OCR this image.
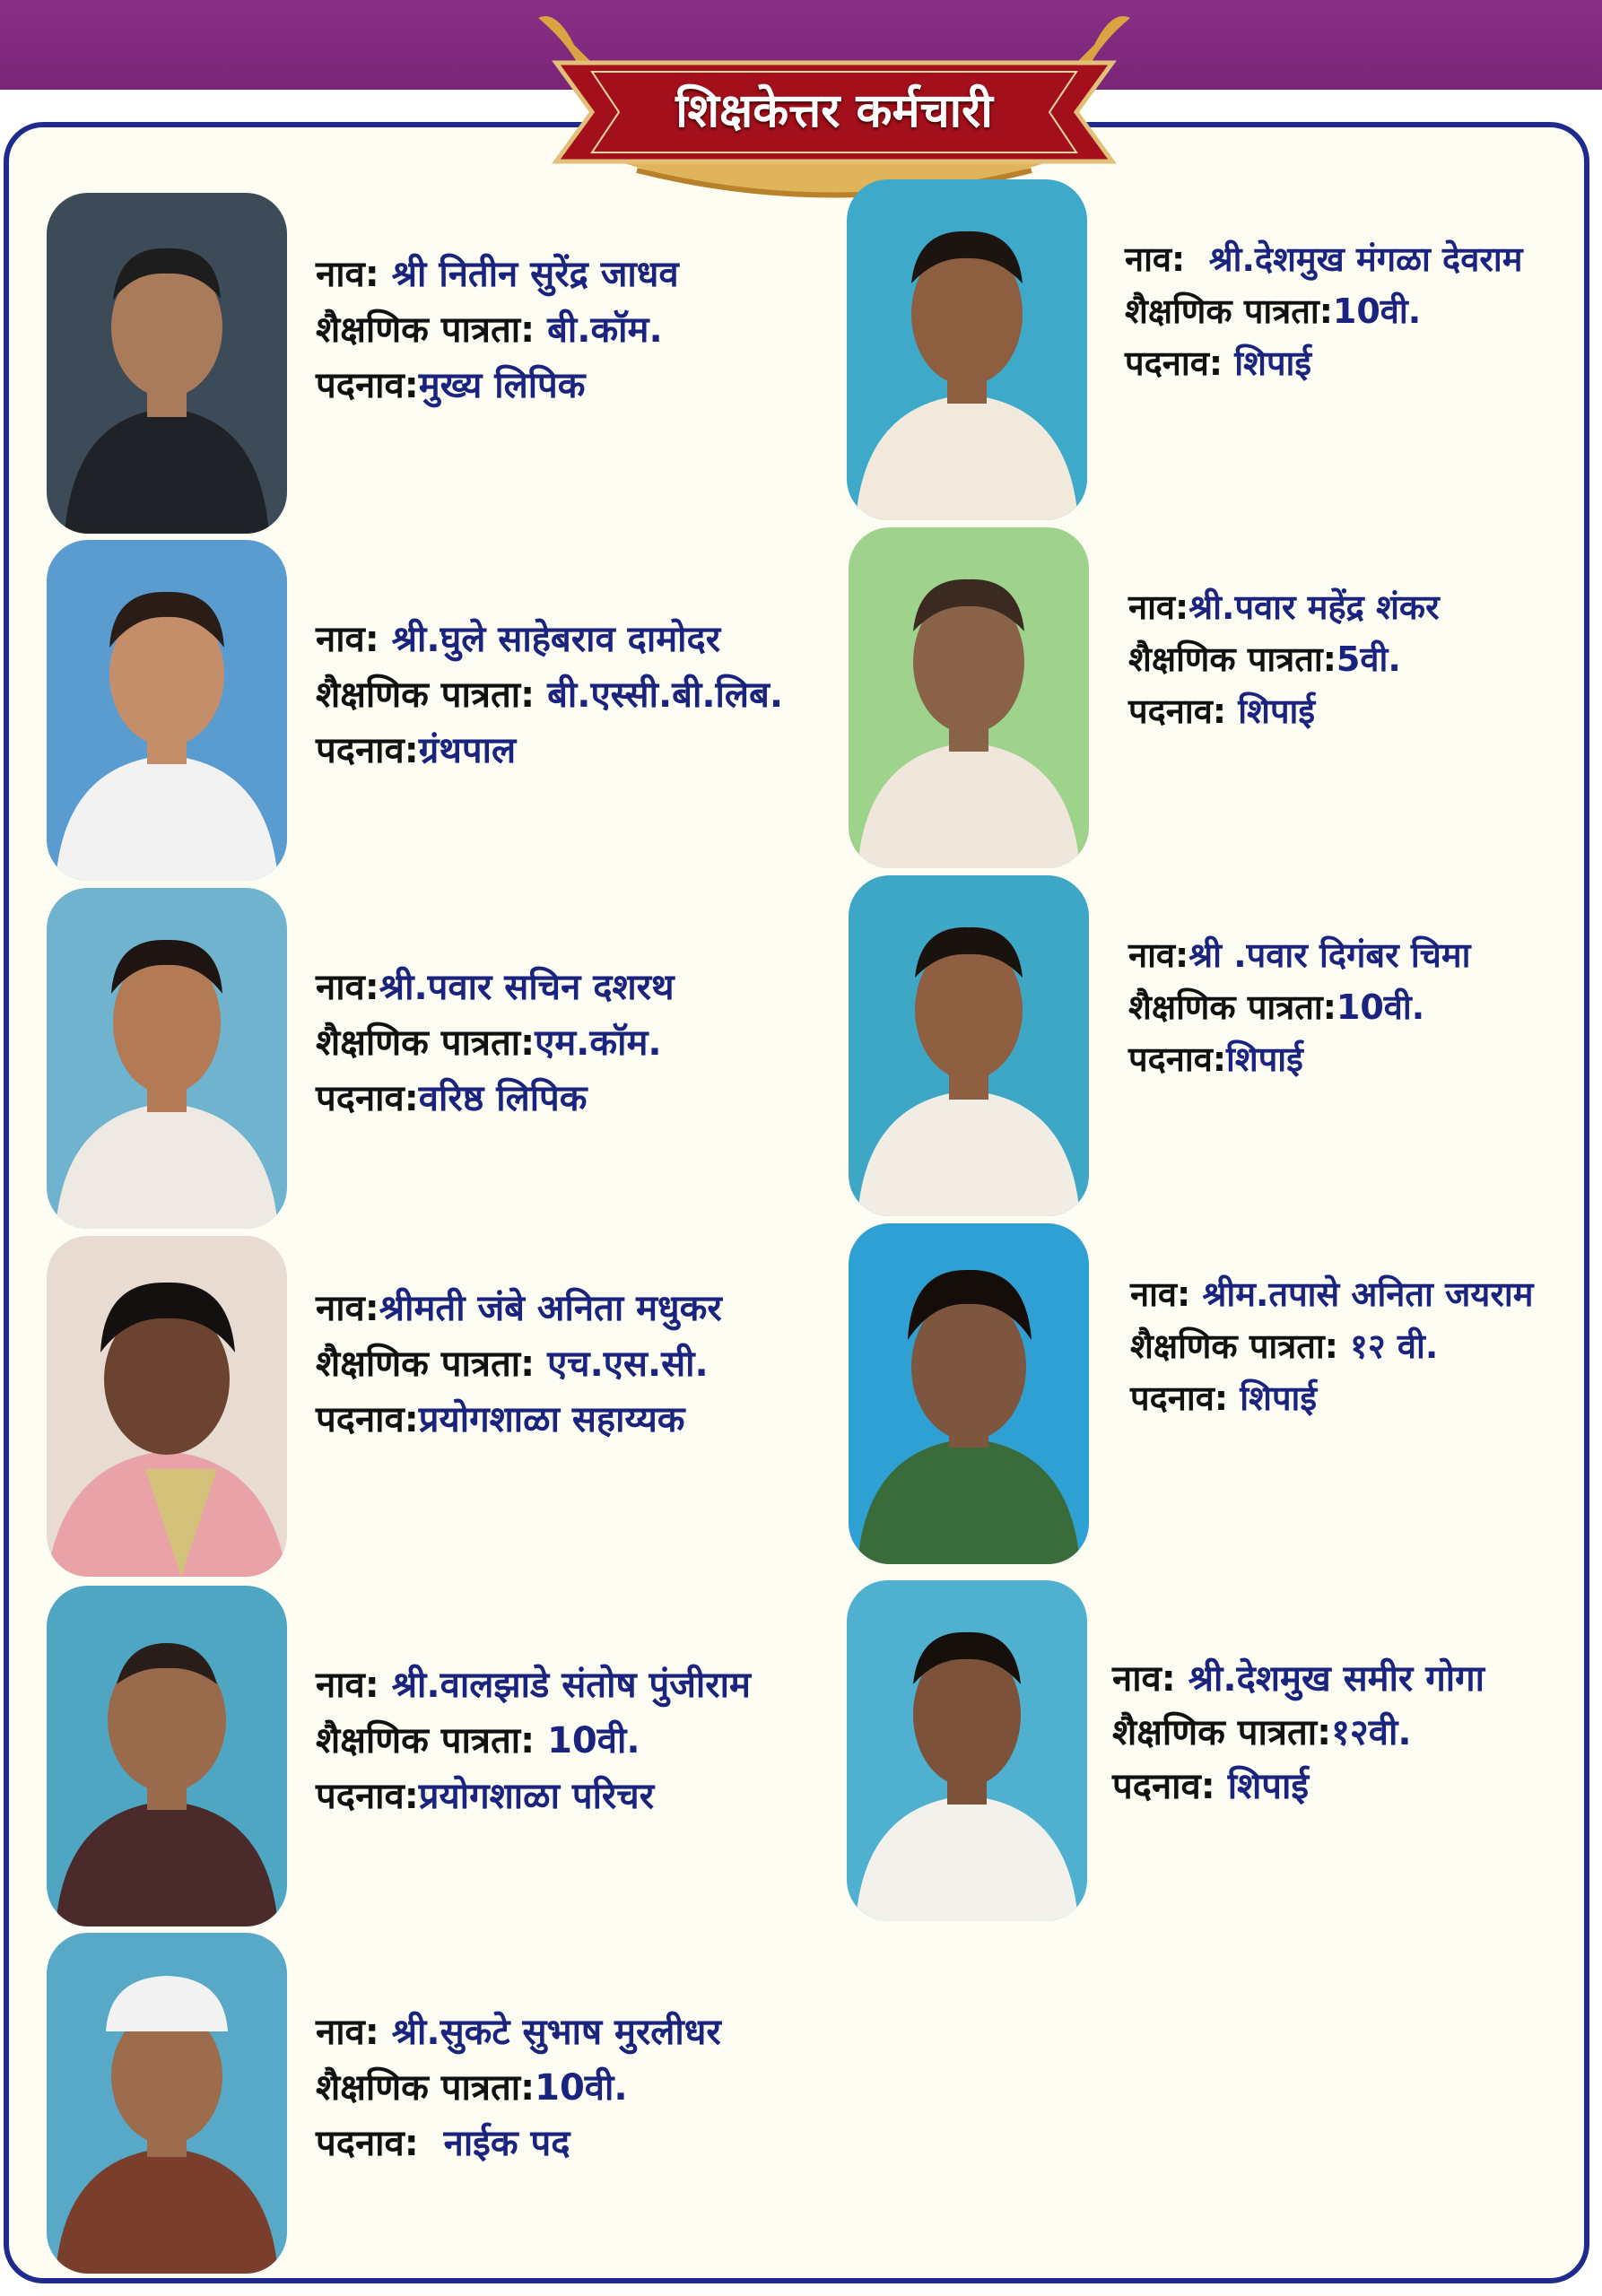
शिक्षकेत्तर कर्मचारी
नाव: श्री नितीन सुरेंद्र जाधव
शैक्षणिक पात्रता: बी.कॉम.
पदनाव:मुख्य लिपिक
नाव: श्री.घुले साहेबराव दामोदर
शैक्षणिक पात्रता: बी.एस्सी.बी.लिब.
पदनाव:ग्रंथपाल
नाव:श्री.पवार सचिन दशरथ
शैक्षणिक पात्रता:एम.कॉम.
पदनाव:वरिष्ठ लिपिक
नाव:श्रीमती जंबे अनिता मधुकर
शैक्षणिक पात्रता: एच.एस.सी.
पदनाव:प्रयोगशाळा सहाय्यक
नाव: श्री.वालझाडे संतोष पुंजीराम
शैक्षणिक पात्रता: 10वी.
पदनाव:प्रयोगशाळा परिचर
नाव: श्री.सुकटे सुभाष मुरलीधर
शैक्षणिक पात्रता:10वी.
पदनाव: नाईक पद
नाव: श्री.देशमुख मंगळा देवराम
शैक्षणिक पात्रता:10वी.
पदनाव: शिपाई
नाव:श्री.पवार महेंद्र शंकर
शैक्षणिक पात्रता:5वी.
पदनाव: शिपाई
नाव:श्री .पवार दिगंबर चिमा
शैक्षणिक पात्रता:10वी.
पदनाव:शिपाई
नाव: श्रीम.तपासे अनिता जयराम
शैक्षणिक पात्रता: १२ वी.
पदनाव: शिपाई
नाव: श्री.देशमुख समीर गोगा
शैक्षणिक पात्रता:१२वी.
पदनाव: शिपाई
